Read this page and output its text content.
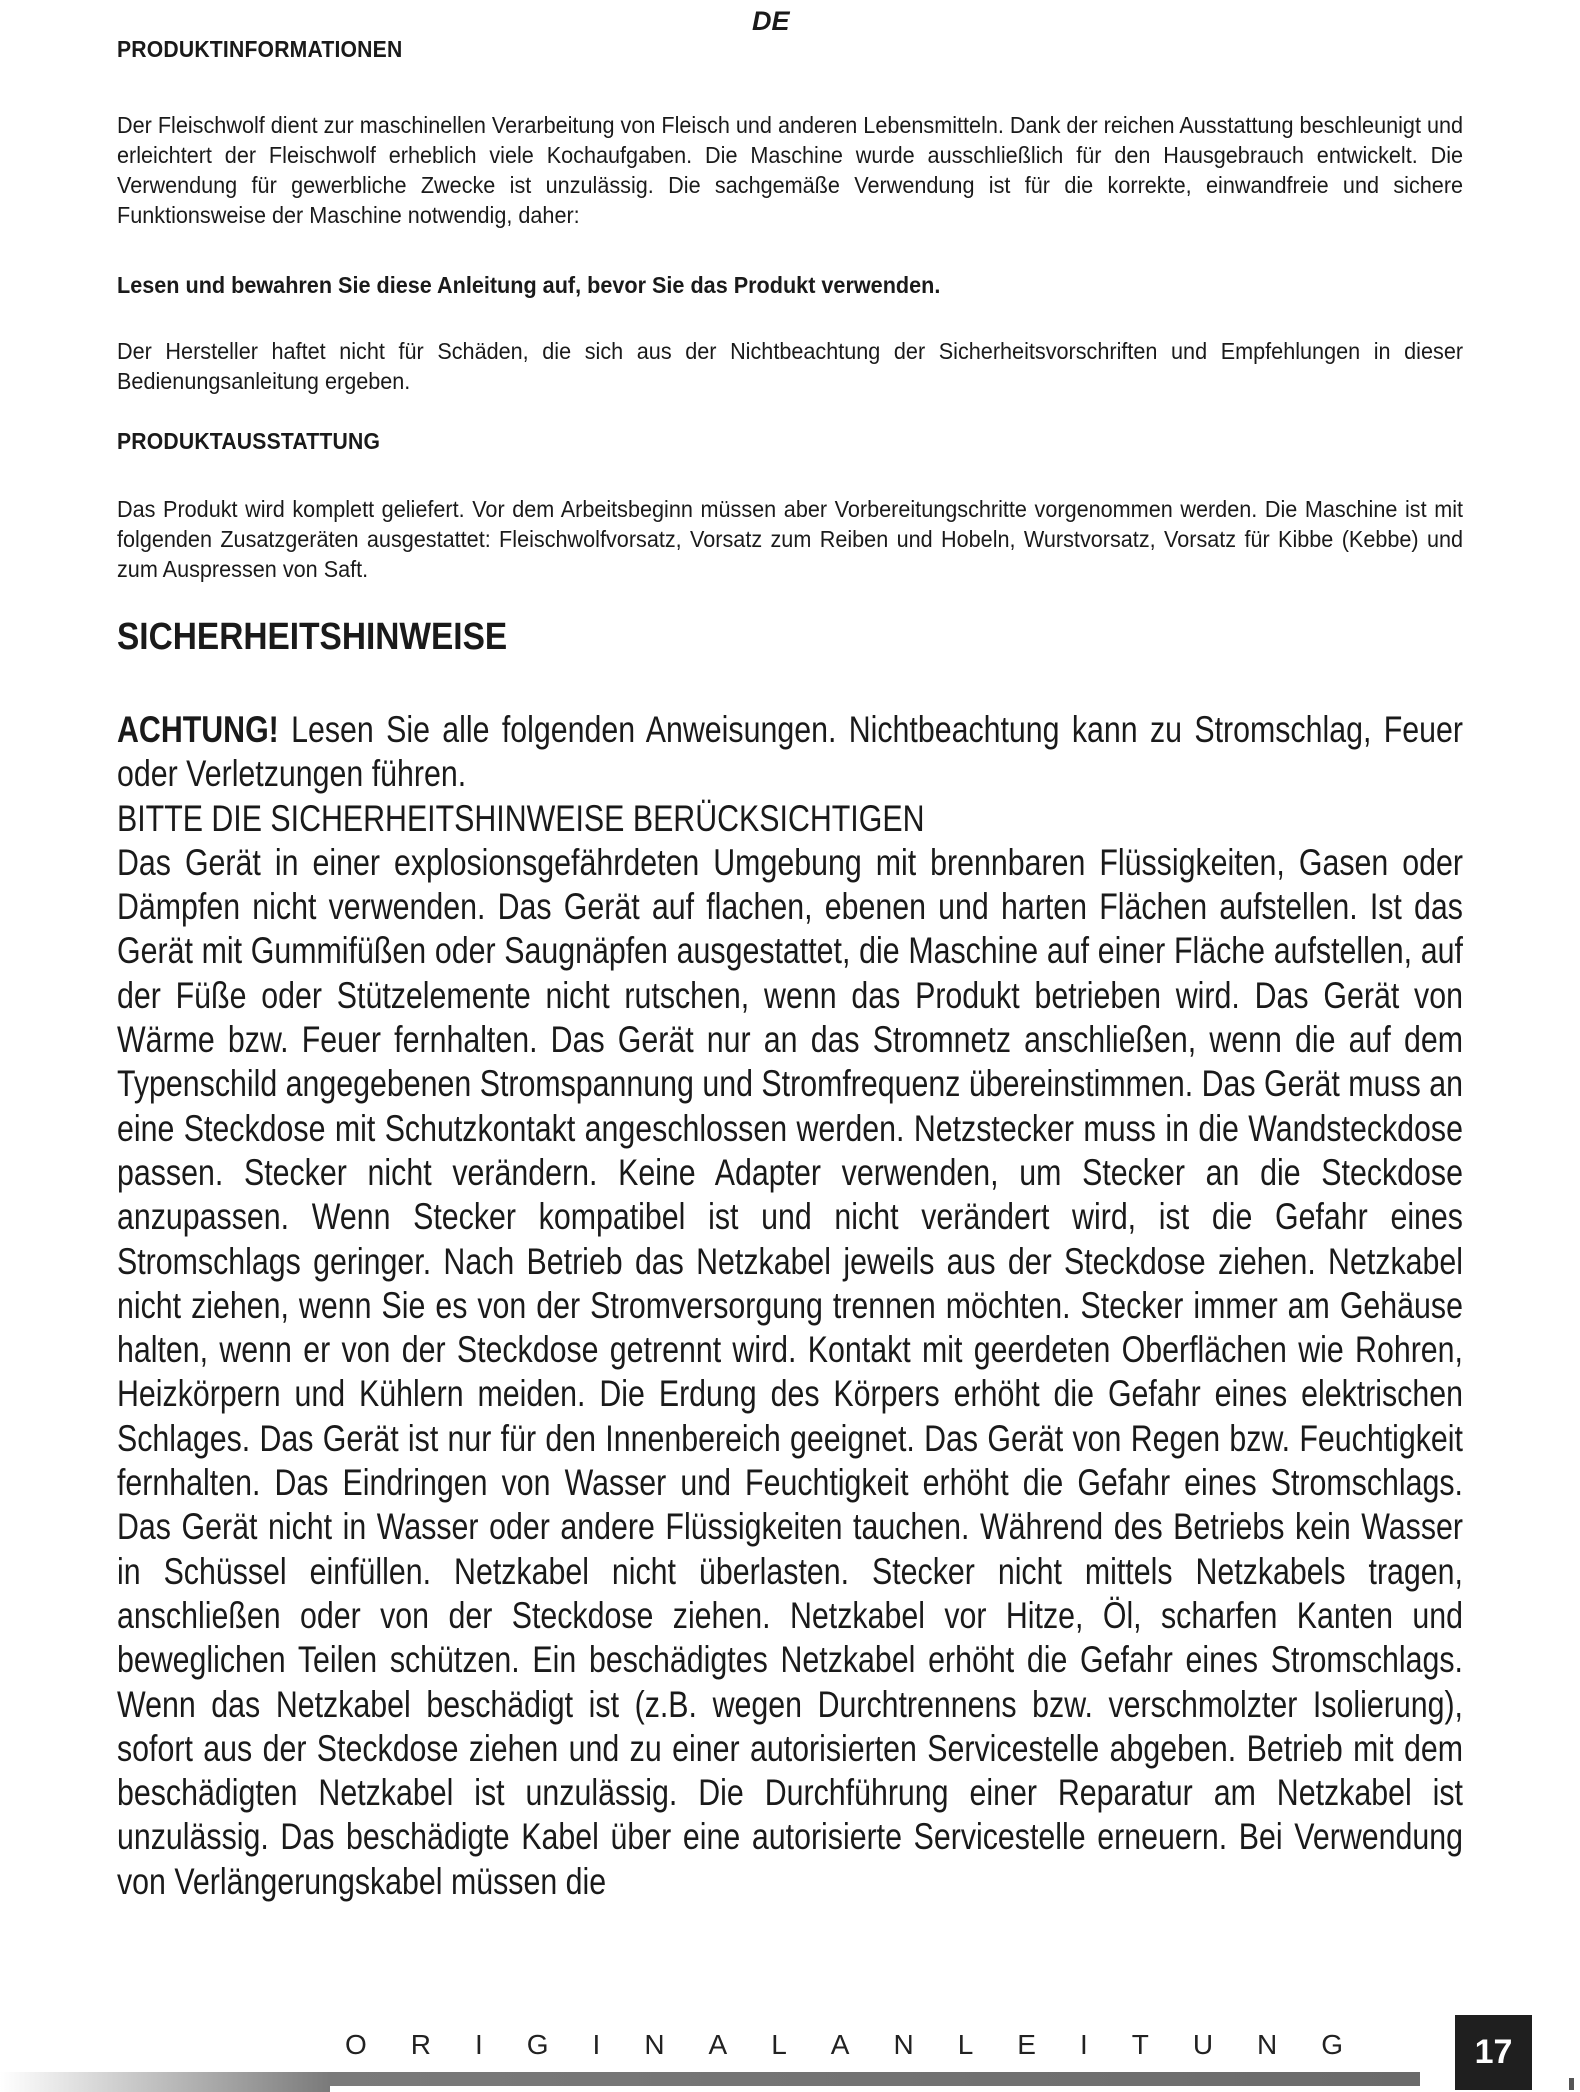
DE
PRODUKTINFORMATIONEN

Der Fleischwolf dient zur maschinellen Verarbeitung von Fleisch und anderen Lebensmitteln. Dank der reichen Ausstattung beschleunigt und erleichtert der Fleischwolf erheblich viele Kochaufgaben. Die Maschine wurde ausschließlich für den Hausgebrauch entwickelt. Die Verwendung für gewerbliche Zwecke ist unzulässig. Die sachgemäße Verwendung ist für die korrekte, einwandfreie und sichere Funktionsweise der Maschine notwendig, daher:

Lesen und bewahren Sie diese Anleitung auf, bevor Sie das Produkt verwenden.

Der Hersteller haftet nicht für Schäden, die sich aus der Nichtbeachtung der Sicherheitsvorschriften und Empfehlungen in dieser Bedienungsanleitung ergeben.

PRODUKTAUSSTATTUNG

Das Produkt wird komplett geliefert. Vor dem Arbeitsbeginn müssen aber Vorbereitungschritte vorgenommen werden. Die Maschine ist mit folgenden Zusatzgeräten ausgestattet: Fleischwolfvorsatz, Vorsatz zum Reiben und Hobeln, Wurstvorsatz, Vorsatz für Kibbe (Kebbe) und zum Auspressen von Saft.

SICHERHEITSHINWEISE

ACHTUNG! Lesen Sie alle folgenden Anweisungen. Nichtbeachtung kann zu Stromschlag, Feuer oder Verletzungen führen.

BITTE DIE SICHERHEITSHINWEISE BERÜCKSICHTIGEN

Das Gerät in einer explosionsgefährdeten Umgebung mit brennbaren Flüssigkeiten, Gasen oder Dämpfen nicht verwenden. Das Gerät auf flachen, ebenen und harten Flächen aufstellen. Ist das Gerät mit Gummifüßen oder Saugnäpfen ausgestattet, die Maschine auf einer Fläche aufstellen, auf der Füße oder Stützelemente nicht rutschen, wenn das Produkt betrieben wird. Das Gerät von Wärme bzw. Feuer fernhalten. Das Gerät nur an das Stromnetz anschließen, wenn die auf dem Typenschild angegebenen Stromspannung und Stromfrequenz übereinstimmen. Das Gerät muss an eine Steckdose mit Schutzkontakt angeschlossen werden. Netzstecker muss in die Wandsteckdose passen. Stecker nicht verändern. Keine Adapter verwenden, um Stecker an die Steckdose anzupassen. Wenn Stecker kompatibel ist und nicht verändert wird, ist die Gefahr eines Stromschlags geringer. Nach Betrieb das Netzkabel jeweils aus der Steckdose ziehen. Netzkabel nicht ziehen, wenn Sie es von der Stromversorgung trennen möchten. Stecker immer am Gehäuse halten, wenn er von der Steckdose getrennt wird. Kontakt mit geerdeten Oberflächen wie Rohren, Heizkörpern und Kühlern meiden. Die Erdung des Körpers erhöht die Gefahr eines elektrischen Schlages. Das Gerät ist nur für den Innenbereich geeignet. Das Gerät von Regen bzw. Feuchtigkeit fernhalten. Das Eindringen von Wasser und Feuchtigkeit erhöht die Gefahr eines Stromschlags. Das Gerät nicht in Wasser oder andere Flüssigkeiten tauchen. Während des Betriebs kein Wasser in Schüssel einfüllen. Netzkabel nicht überlasten. Stecker nicht mittels Netzkabels tragen, anschließen oder von der Steckdose ziehen. Netzkabel vor Hitze, Öl, scharfen Kanten und beweglichen Teilen schützen. Ein beschädigtes Netzkabel erhöht die Gefahr eines Stromschlags. Wenn das Netzkabel beschädigt ist (z.B. wegen Durchtrennens bzw. verschmolzter Isolierung), sofort aus der Steckdose ziehen und zu einer autorisierten Servicestelle abgeben. Betrieb mit dem beschädigten Netzkabel ist unzulässig. Die Durchführung einer Reparatur am Netzkabel ist unzulässig. Das beschädigte Kabel über eine autorisierte Servicestelle erneuern. Bei Verwendung von Verlängerungskabel müssen die

ORIGINALANLEITUNG	17
